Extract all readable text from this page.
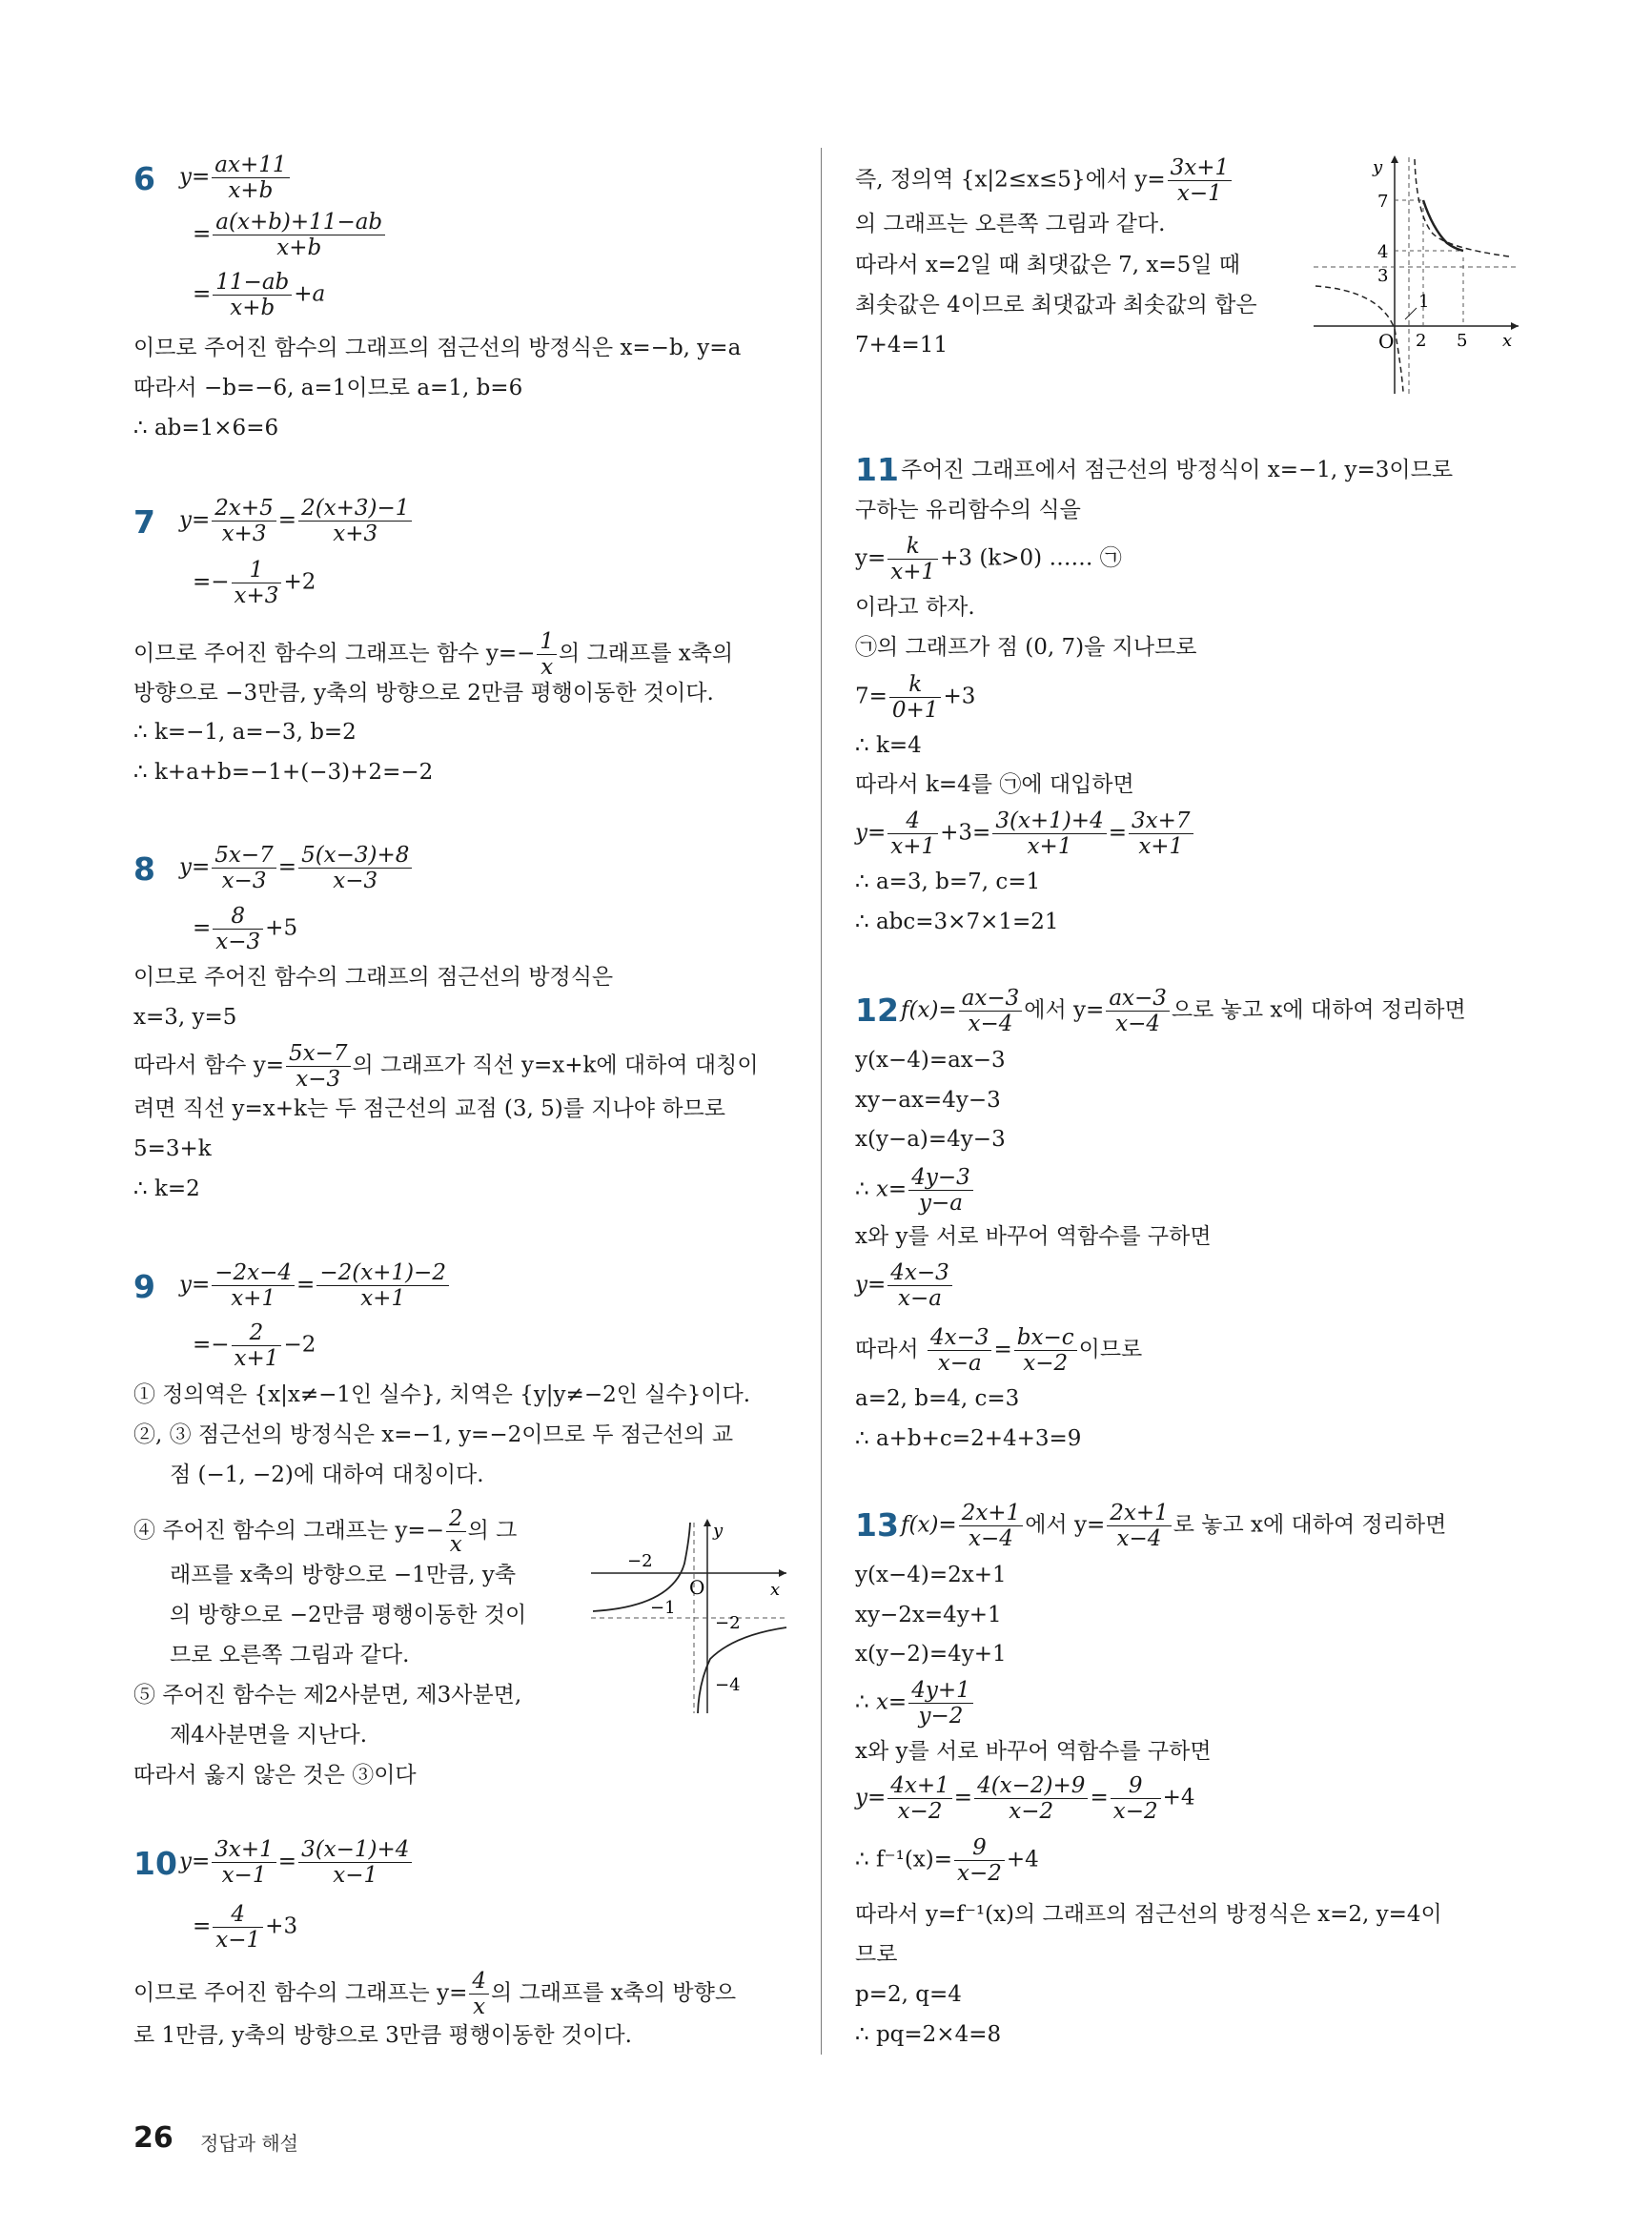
6 $y= \frac{ax+11}{x+b}$
= $\frac{a(x+b)+11-ab}{x+b}$
= $\frac{11-ab}{x+b} +a$
이므로 주어진 함수의 그래프의 점근선의 방정식은 x=−b, y=a
따라서 −b=−6, a=1이므로 a=1, b=6
∴ ab=1×6=6
7 $y= \frac{2x+5}{x+3} = \frac{2(x+3)-1}{x+3}$
=− $\frac{1}{x+3} +2$
이므로 주어진 함수의 그래프는 함수 $y=- \frac{1}{x}$ 의 그래프를 x축의
방향으로 −3만큼, y축의 방향으로 2만큼 평행이동한 것이다.
∴ k=−1, a=−3, b=2
∴ k+a+b=−1+(−3)+2=−2
8 $y= \frac{5x-7}{x-3} = \frac{5(x-3)+8}{x-3}$
= $\frac{8}{x-3} +5$
이므로 주어진 함수의 그래프의 점근선의 방정식은
x=3, y=5
따라서 함수 $y= \frac{5x-7}{x-3}$ 의 그래프가 직선 y=x+k에 대하여 대칭이
려면 직선 y=x+k는 두 점근선의 교점 (3, 5)를 지나야 하므로
5=3+k
∴ k=2
9 $y= \frac{-2x-4}{x+1} = \frac{-2(x+1)-2}{x+1}$
=− $\frac{2}{x+1} -2$
① 정의역은 {x|x≠−1인 실수}, 치역은 {y|y≠−2인 실수}이다.
②, ③ 점근선의 방정식은 x=−1, y=−2이므로 두 점근선의 교
점 (−1, −2)에 대하여 대칭이다.
④ 주어진 함수의 그래프는 $y=- \frac{2}{x}$ 의 그
래프를 x축의 방향으로 −1만큼, y축
의 방향으로 −2만큼 평행이동한 것이
므로 오른쪽 그림과 같다.
⑤ 주어진 함수는 제2사분면, 제3사분면,
제4사분면을 지난다.
따라서 옳지 않은 것은 ③이다
y
x
O
−2
−1
−2
−4
10 $y= \frac{3x+1}{x-1} = \frac{3(x-1)+4}{x-1}$
= $\frac{4}{x-1} +3$
이므로 주어진 함수의 그래프는 $y= \frac{4}{x}$ 의 그래프를 x축의 방향으
로 1만큼, y축의 방향으로 3만큼 평행이동한 것이다.
즉, 정의역 {x|2≤x≤5}에서 $y= \frac{3x+1}{x-1}$
의 그래프는 오른쪽 그림과 같다.
따라서 x=2일 때 최댓값은 7, x=5일 때
최솟값은 4이므로 최댓값과 최솟값의 합은
7+4=11
y
x
O
7
4
3
1
2 5
11 주어진 그래프에서 점근선의 방정식이 x=−1, y=3이므로
구하는 유리함수의 식을
$y= \frac{k}{x+1} +3$ (k>0) …… ㉠
이라고 하자.
㉠의 그래프가 점 (0, 7)을 지나므로
$7= \frac{k}{0+1} +3$
∴ k=4
따라서 k=4를 ㉠에 대입하면
$y= \frac{4}{x+1} +3= \frac{3(x+1)+4}{x+1} = \frac{3x+7}{x+1}$
∴ a=3, b=7, c=1
∴ abc=3×7×1=21
12 $f(x)= \frac{ax-3}{x-4}$ 에서 $y= \frac{ax-3}{x-4}$ 으로 놓고 x에 대하여 정리하면
y(x−4)=ax−3
xy−ax=4y−3
x(y−a)=4y−3
∴ $x= \frac{4y-3}{y-a}$
x와 y를 서로 바꾸어 역함수를 구하면
$y= \frac{4x-3}{x-a}$
따라서 $\frac{4x-3}{x-a} = \frac{bx-c}{x-2}$ 이므로
a=2, b=4, c=3
∴ a+b+c=2+4+3=9
13 $f(x)= \frac{2x+1}{x-4}$ 에서 $y= \frac{2x+1}{x-4}$ 로 놓고 x에 대하여 정리하면
y(x−4)=2x+1
xy−2x=4y+1
x(y−2)=4y+1
∴ $x= \frac{4y+1}{y-2}$
x와 y를 서로 바꾸어 역함수를 구하면
$y= \frac{4x+1}{x-2} = \frac{4(x-2)+9}{x-2} = \frac{9}{x-2} +4$
∴ $f^{-1}(x)= \frac{9}{x-2} +4$
따라서 y=f⁻¹(x)의 그래프의 점근선의 방정식은 x=2, y=4이
므로
p=2, q=4
∴ pq=2×4=8
26 정답과 해설
